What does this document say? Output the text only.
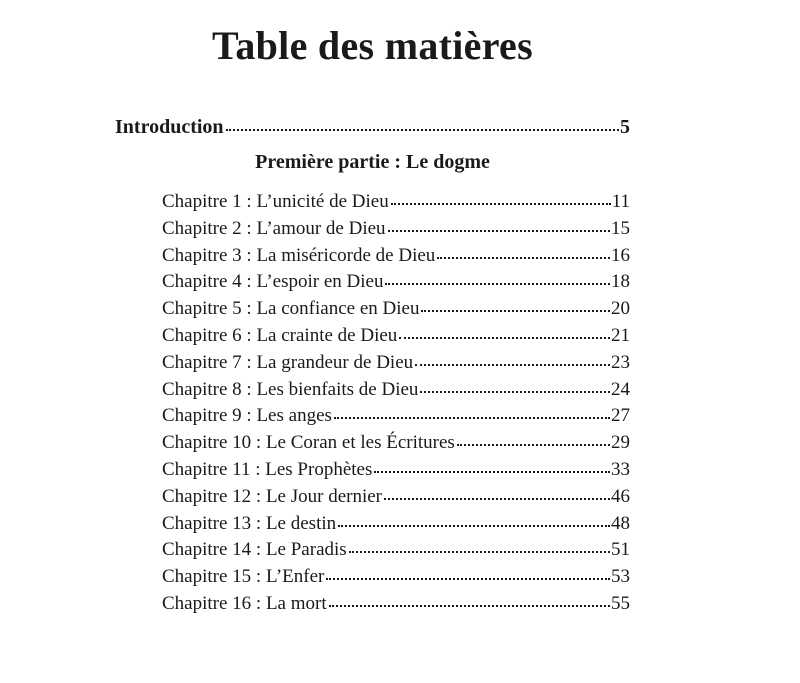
Table des matières
Introduction	5
Première partie : Le dogme
Chapitre 1 : L’unicité de Dieu	11
Chapitre 2 : L’amour de Dieu	15
Chapitre 3 : La miséricorde de Dieu	16
Chapitre 4 : L’espoir en Dieu	18
Chapitre 5 : La confiance en Dieu	20
Chapitre 6 : La crainte de Dieu	21
Chapitre 7 : La grandeur de Dieu	23
Chapitre 8 : Les bienfaits de Dieu	24
Chapitre 9 : Les anges	27
Chapitre 10 : Le Coran et les Écritures	29
Chapitre 11 : Les Prophètes	33
Chapitre 12 : Le Jour dernier	46
Chapitre 13 : Le destin	48
Chapitre 14 : Le Paradis	51
Chapitre 15 : L’Enfer	53
Chapitre 16 : La mort	55
